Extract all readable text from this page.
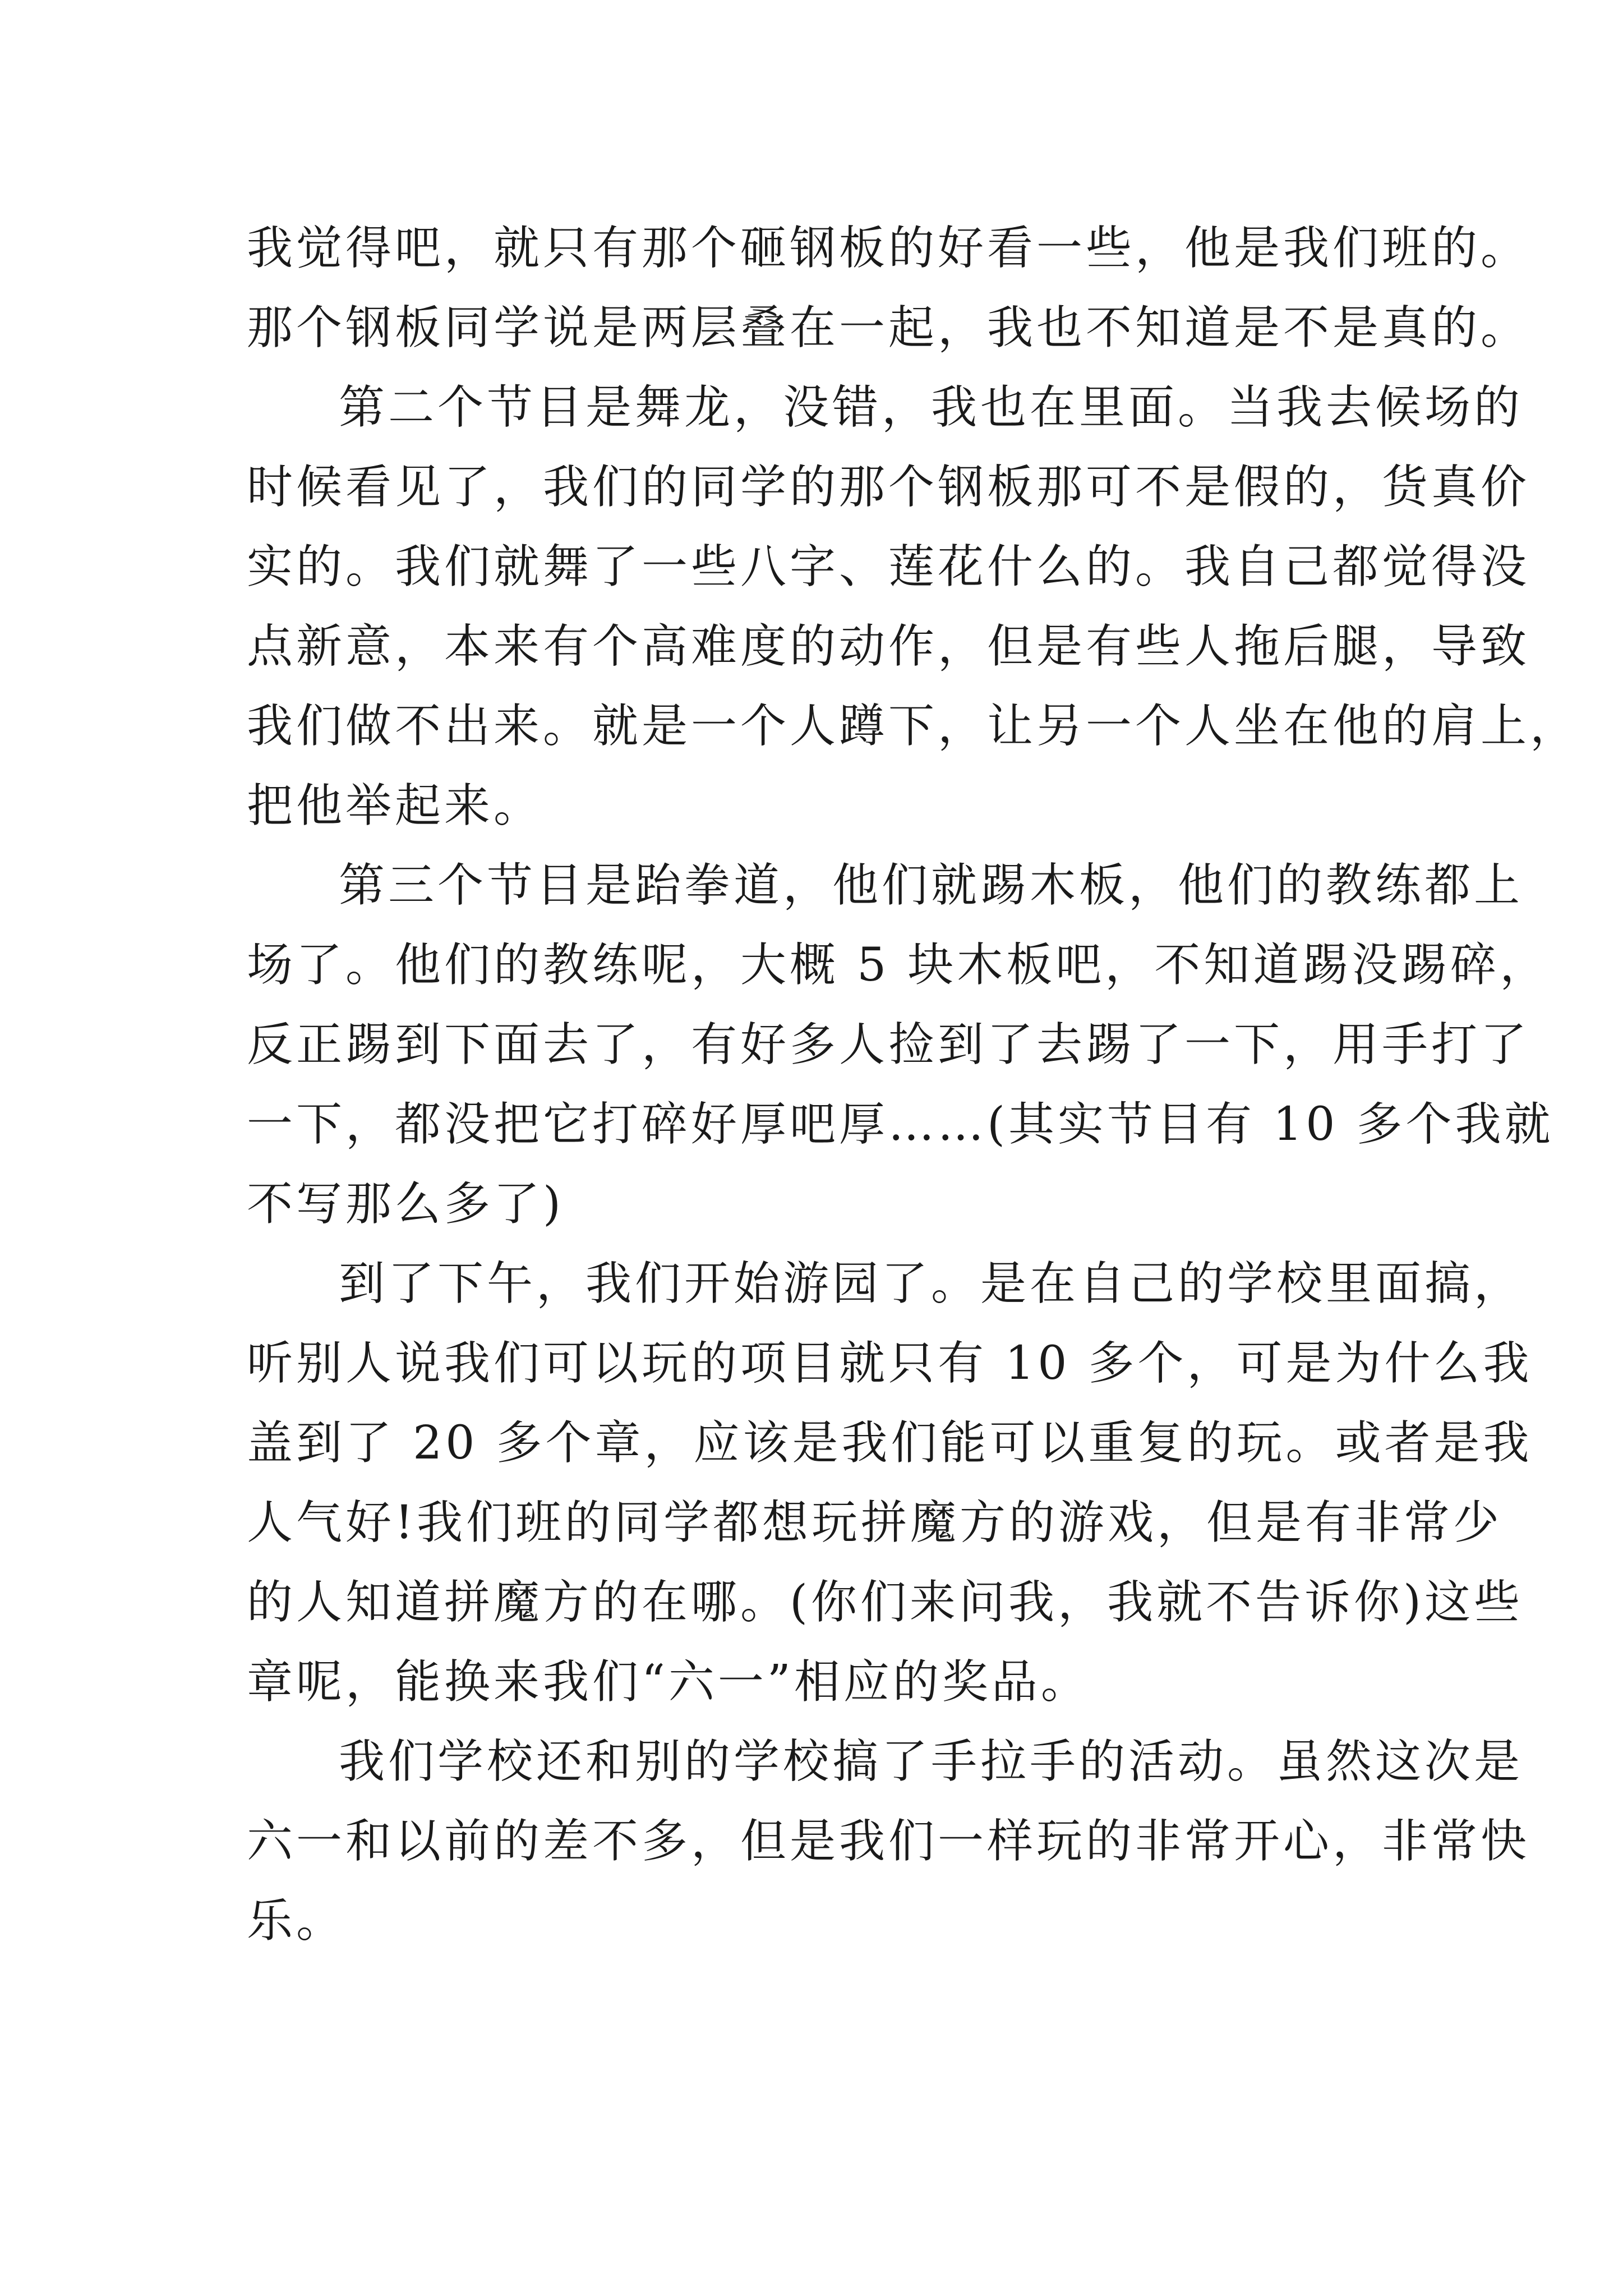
我觉得吧，就只有那个砸钢板的好看一些，他是我们班的。
那个钢板同学说是两层叠在一起，我也不知道是不是真的。
第二个节目是舞龙，没错，我也在里面。当我去候场的
时候看见了，我们的同学的那个钢板那可不是假的，货真价
实的。我们就舞了一些八字、莲花什么的。我自己都觉得没
点新意，本来有个高难度的动作，但是有些人拖后腿，导致
我们做不出来。就是一个人蹲下，让另一个人坐在他的肩上，
把他举起来。
第三个节目是跆拳道，他们就踢木板，他们的教练都上
场了。他们的教练呢，大概 5 块木板吧，不知道踢没踢碎，
反正踢到下面去了，有好多人捡到了去踢了一下，用手打了
一下，都没把它打碎好厚吧厚……(其实节目有 10 多个我就
不写那么多了)
到了下午，我们开始游园了。是在自己的学校里面搞，
听别人说我们可以玩的项目就只有 10 多个，可是为什么我
盖到了 20 多个章，应该是我们能可以重复的玩。或者是我
人气好!我们班的同学都想玩拼魔方的游戏，但是有非常少
的人知道拼魔方的在哪。(你们来问我，我就不告诉你)这些
章呢，能换来我们“六一”相应的奖品。
我们学校还和别的学校搞了手拉手的活动。虽然这次是
六一和以前的差不多，但是我们一样玩的非常开心，非常快
乐。
